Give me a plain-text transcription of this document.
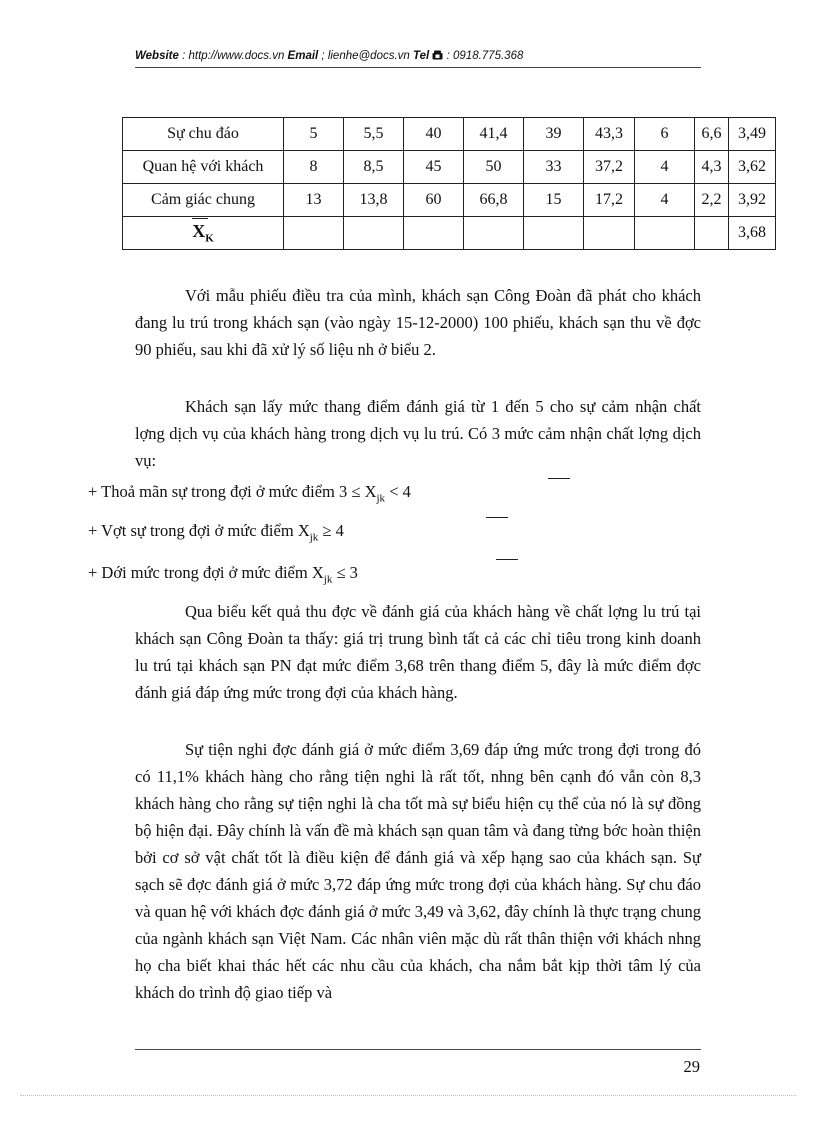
Website : http://www.docs.vn Email ; lienhe@docs.vn Tel  : 0918.775.368
Sự chu đáo	5	5,5	40	41,4	39	43,3	6	6,6	3,49
Quan hệ với khách	8	8,5	45	50	33	37,2	4	4,3	3,62
Cảm giác chung	13	13,8	60	66,8	15	17,2	4	2,2	3,92
$X_K$									3,68

Với mẫu phiếu điều tra của mình, khách sạn Công Đoàn đã phát cho khách đang lu trú trong khách sạn (vào ngày 15-12-2000) 100 phiếu, khách sạn thu về đợc 90 phiếu, sau khi đã xử lý số liệu nh ở biểu 2.

Khách sạn lấy mức thang điểm đánh giá từ 1 đến 5 cho sự cảm nhận chất lợng dịch vụ của khách hàng trong dịch vụ lu trú. Có 3 mức cảm nhận chất lợng dịch vụ:

+ Thoả mãn sự trong đợi ở mức điểm $3 \le X_{jk} < 4$

+ Vợt sự trong đợi ở mức điểm $X_{jk} \ge 4$

+ Dới mức trong đợi ở mức điểm $X_{jk} \le 3$

Qua biểu kết quả thu đợc về đánh giá của khách hàng về chất lợng lu trú tại khách sạn Công Đoàn ta thấy: giá trị trung bình tất cả các chỉ tiêu trong kinh doanh lu trú tại khách sạn PN đạt mức điểm 3,68 trên thang điểm 5, đây là mức điểm đợc đánh giá đáp ứng mức trong đợi của khách hàng.

Sự tiện nghi đợc đánh giá ở mức điểm 3,69 đáp ứng mức trong đợi trong đó có 11,1% khách hàng cho rằng tiện nghi là rất tốt, nhng bên cạnh đó vẫn còn 8,3 khách hàng cho rằng sự tiện nghi là cha tốt mà sự biểu hiện cụ thể của nó là sự đồng bộ hiện đại. Đây chính là vấn đề mà khách sạn quan tâm và đang từng bớc hoàn thiện bởi cơ sở vật chất tốt là điều kiện để đánh giá và xếp hạng sao của khách sạn. Sự sạch sẽ đợc đánh giá ở mức 3,72 đáp ứng mức trong đợi của khách hàng. Sự chu đáo và quan hệ với khách đợc đánh giá ở mức 3,49 và 3,62, đây chính là thực trạng chung của ngành khách sạn Việt Nam. Các nhân viên mặc dù rất thân thiện với khách nhng họ cha biết khai thác hết các nhu cầu của khách, cha nắm bắt kịp thời tâm lý của khách do trình độ giao tiếp và

29
